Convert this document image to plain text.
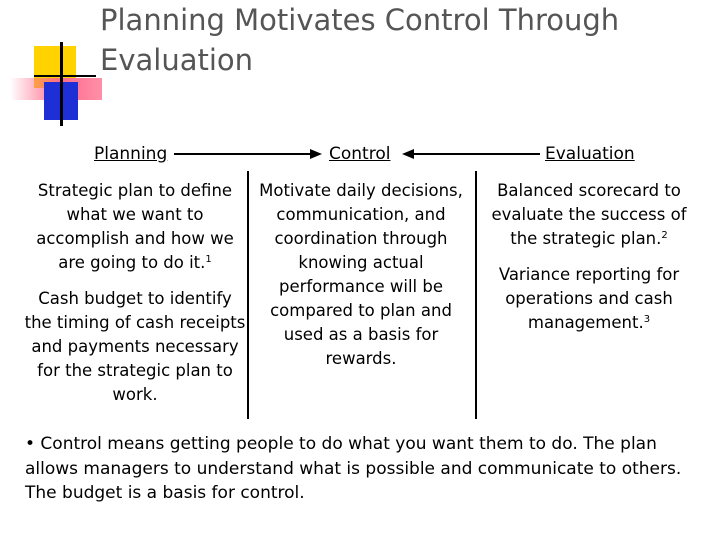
Planning Motivates Control Through Evaluation
Planning	Control	Evaluation

Strategic plan to define what we want to accomplish and how we are going to do it.$^1$

Cash budget to identify the timing of cash receipts and payments necessary for the strategic plan to work.

Motivate daily decisions, communication, and coordination through knowing actual performance will be compared to plan and used as a basis for rewards.

Balanced scorecard to evaluate the success of the strategic plan.$^2$

Variance reporting for operations and cash management.$^3$

• Control means getting people to do what you want them to do. The plan allows managers to understand what is possible and communicate to others. The budget is a basis for control.
